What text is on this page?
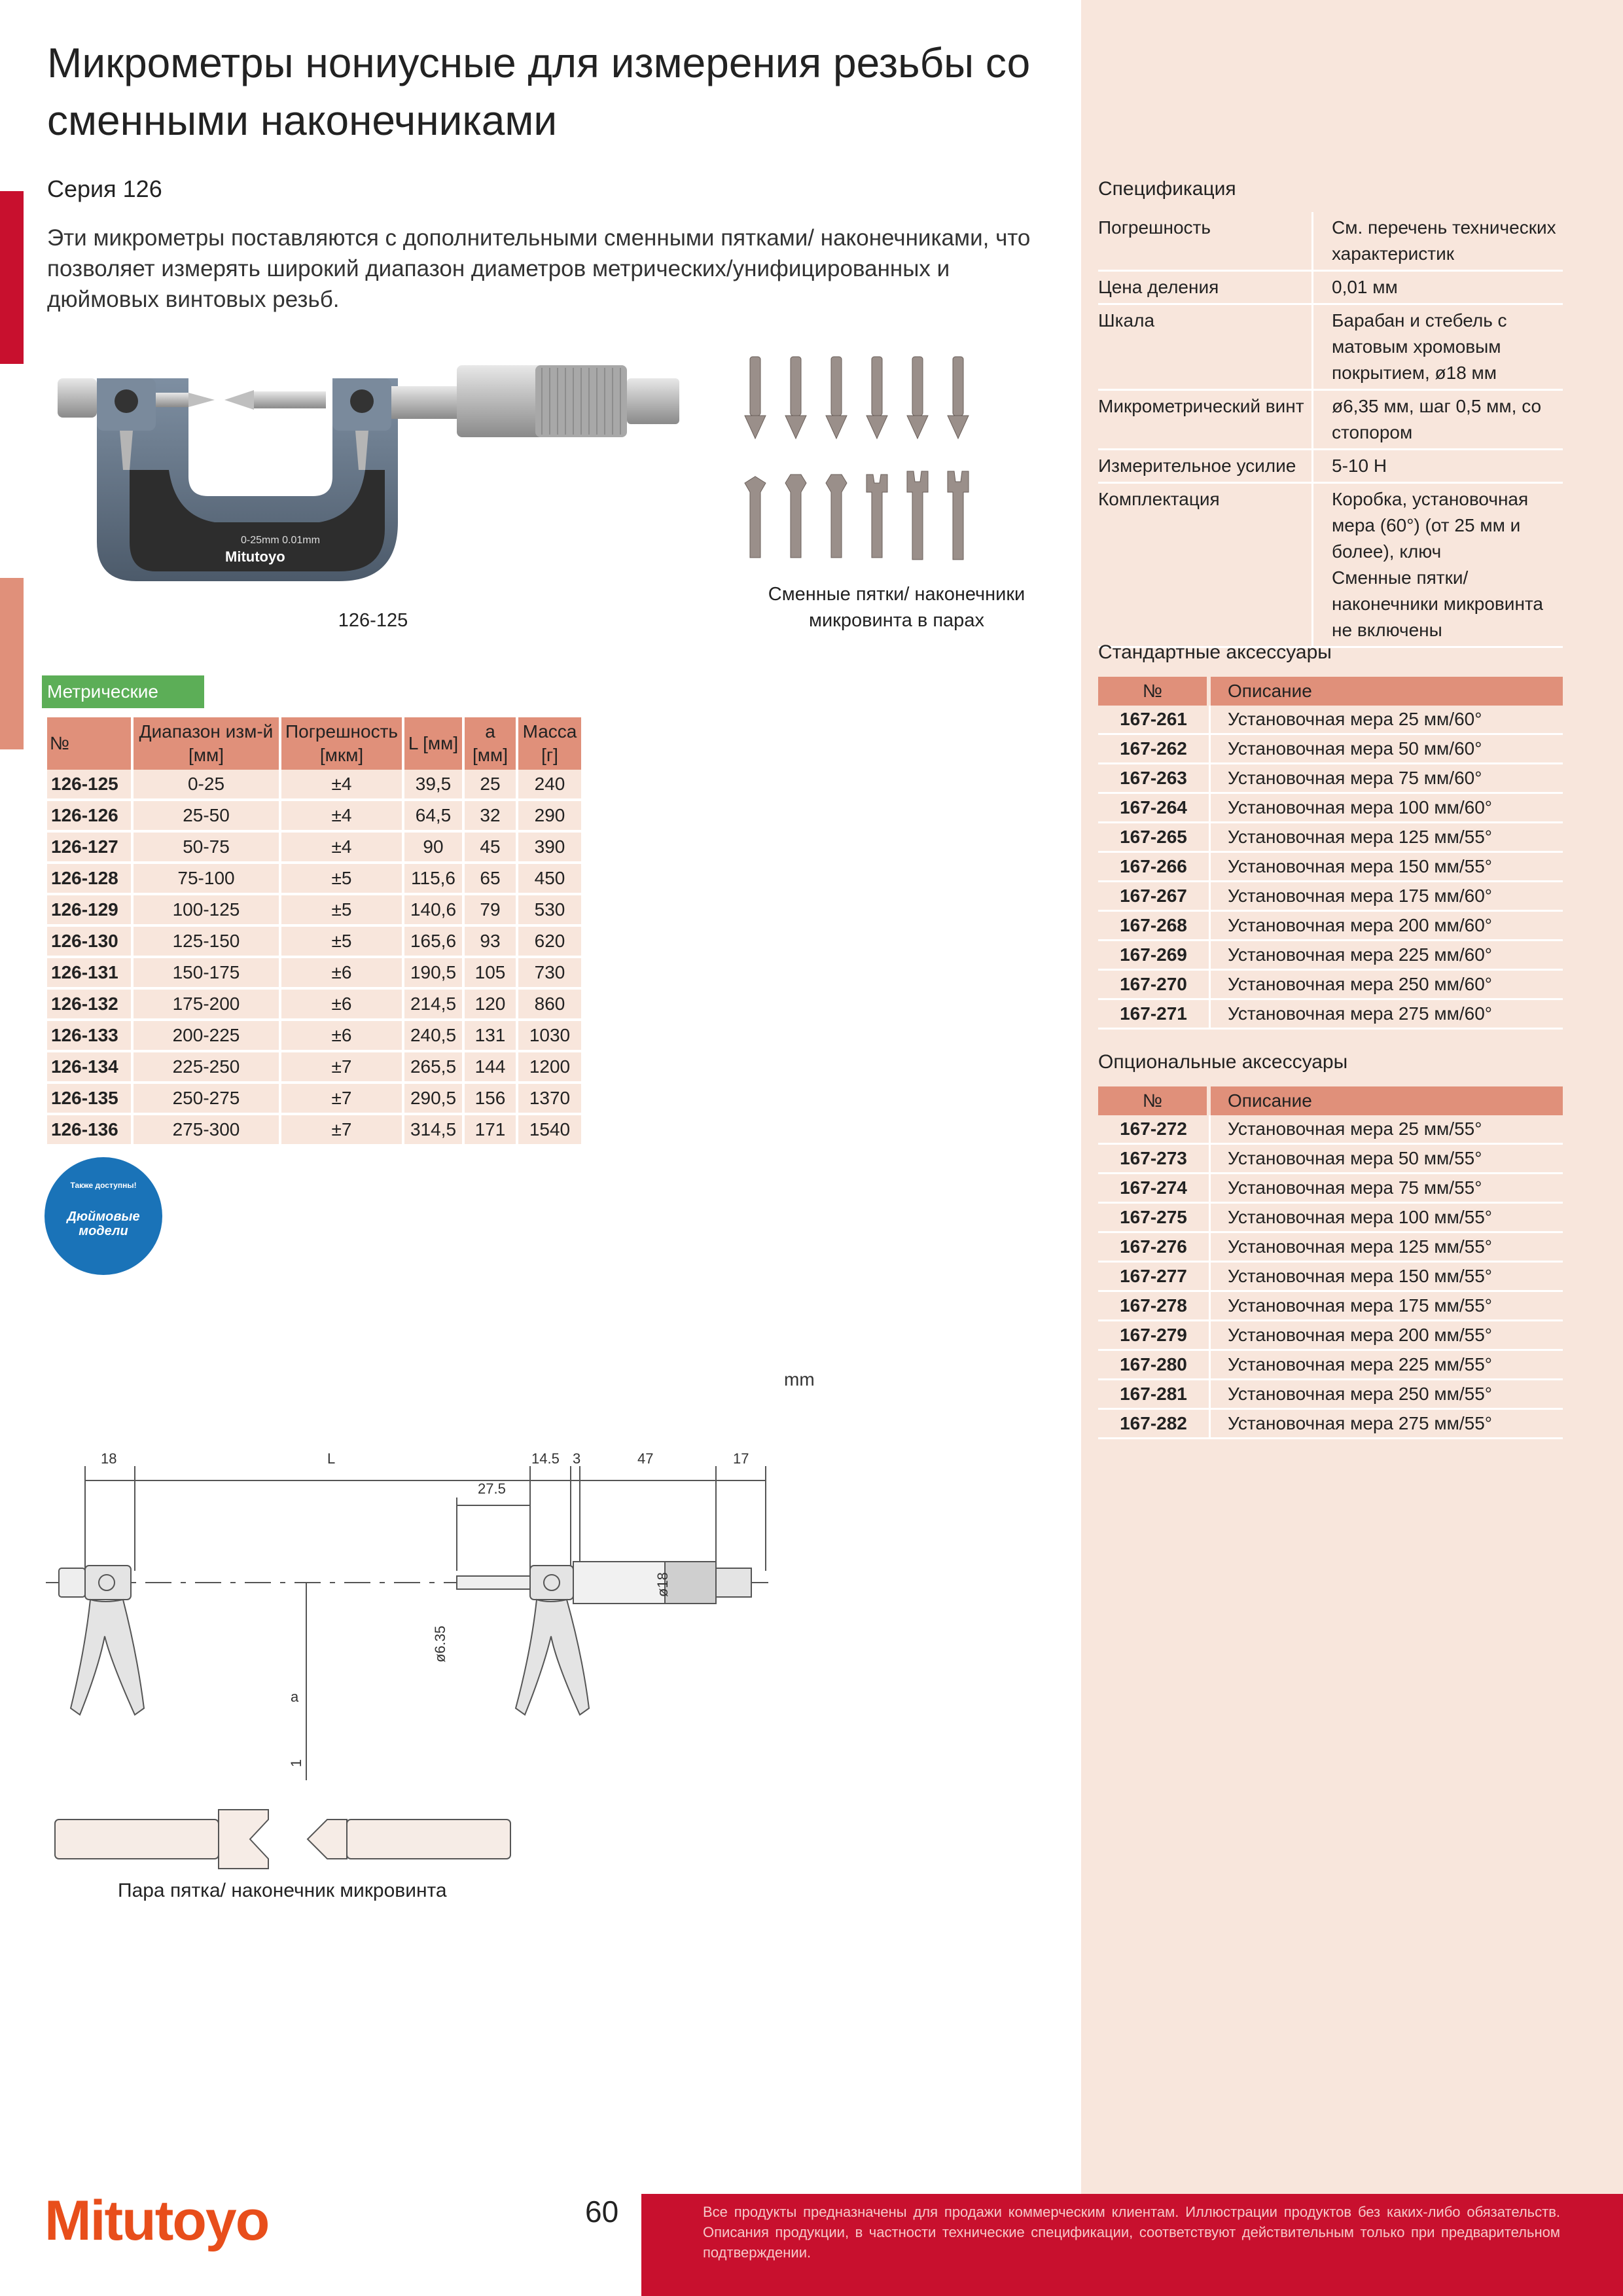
Микрометры нониусные для измерения резьбы со сменными наконечниками
Серия 126
Эти микрометры поставляются с дополнительными сменными пятками/ наконечниками, что позволяет измерять широкий диапазон диаметров метрических/унифицированных и дюймовых винтовых резьб.
0-25mm 0.01mm
Mitutoyo
126-125
Сменные пятки/ наконечники микровинта в парах
Метрические
№	Диапазон изм-й [мм]	Погрешность [мкм]	L [мм]	a [мм]	Масса [г]
126-125	0-25	±4	39,5	25	240
126-126	25-50	±4	64,5	32	290
126-127	50-75	±4	90	45	390
126-128	75-100	±5	115,6	65	450
126-129	100-125	±5	140,6	79	530
126-130	125-150	±5	165,6	93	620
126-131	150-175	±6	190,5	105	730
126-132	175-200	±6	214,5	120	860
126-133	200-225	±6	240,5	131	1030
126-134	225-250	±7	265,5	144	1200
126-135	250-275	±7	290,5	156	1370
126-136	275-300	±7	314,5	171	1540
Также доступны!
Дюймовые
модели
Спецификация
Погрешность	См. перечень технических характеристик
Цена деления	0,01 мм
Шкала	Барабан и стебель с матовым хромовым покрытием, ø18 мм
Микрометрический винт	ø6,35 мм, шаг 0,5 мм, со стопором
Измерительное усилие	5-10 Н
Комплектация	Коробка, установочная мера (60°) (от 25 мм и более), ключ
Сменные пятки/ наконечники микровинта не включены
Стандартные аксессуары
№	Описание
167-261	Установочная мера 25 мм/60°
167-262	Установочная мера 50 мм/60°
167-263	Установочная мера 75 мм/60°
167-264	Установочная мера 100 мм/60°
167-265	Установочная мера 125 мм/55°
167-266	Установочная мера 150 мм/55°
167-267	Установочная мера 175 мм/60°
167-268	Установочная мера 200 мм/60°
167-269	Установочная мера 225 мм/60°
167-270	Установочная мера 250 мм/60°
167-271	Установочная мера 275 мм/60°
Опциональные аксессуары
№	Описание
167-272	Установочная мера 25 мм/55°
167-273	Установочная мера 50 мм/55°
167-274	Установочная мера 75 мм/55°
167-275	Установочная мера 100 мм/55°
167-276	Установочная мера 125 мм/55°
167-277	Установочная мера 150 мм/55°
167-278	Установочная мера 175 мм/55°
167-279	Установочная мера 200 мм/55°
167-280	Установочная мера 225 мм/55°
167-281	Установочная мера 250 мм/55°
167-282	Установочная мера 275 мм/55°
mm
18	L	14.5 3	47	17
27.5
ø6.35
ø18
a
1
Пара пятка/ наконечник микровинта
Mitutoyo	60	Все продукты предназначены для продажи коммерческим клиентам. Иллюстрации продуктов без каких-либо обязательств. Описания продукции, в частности технические спецификации, соответствуют действительным только при предварительном подтверждении.
